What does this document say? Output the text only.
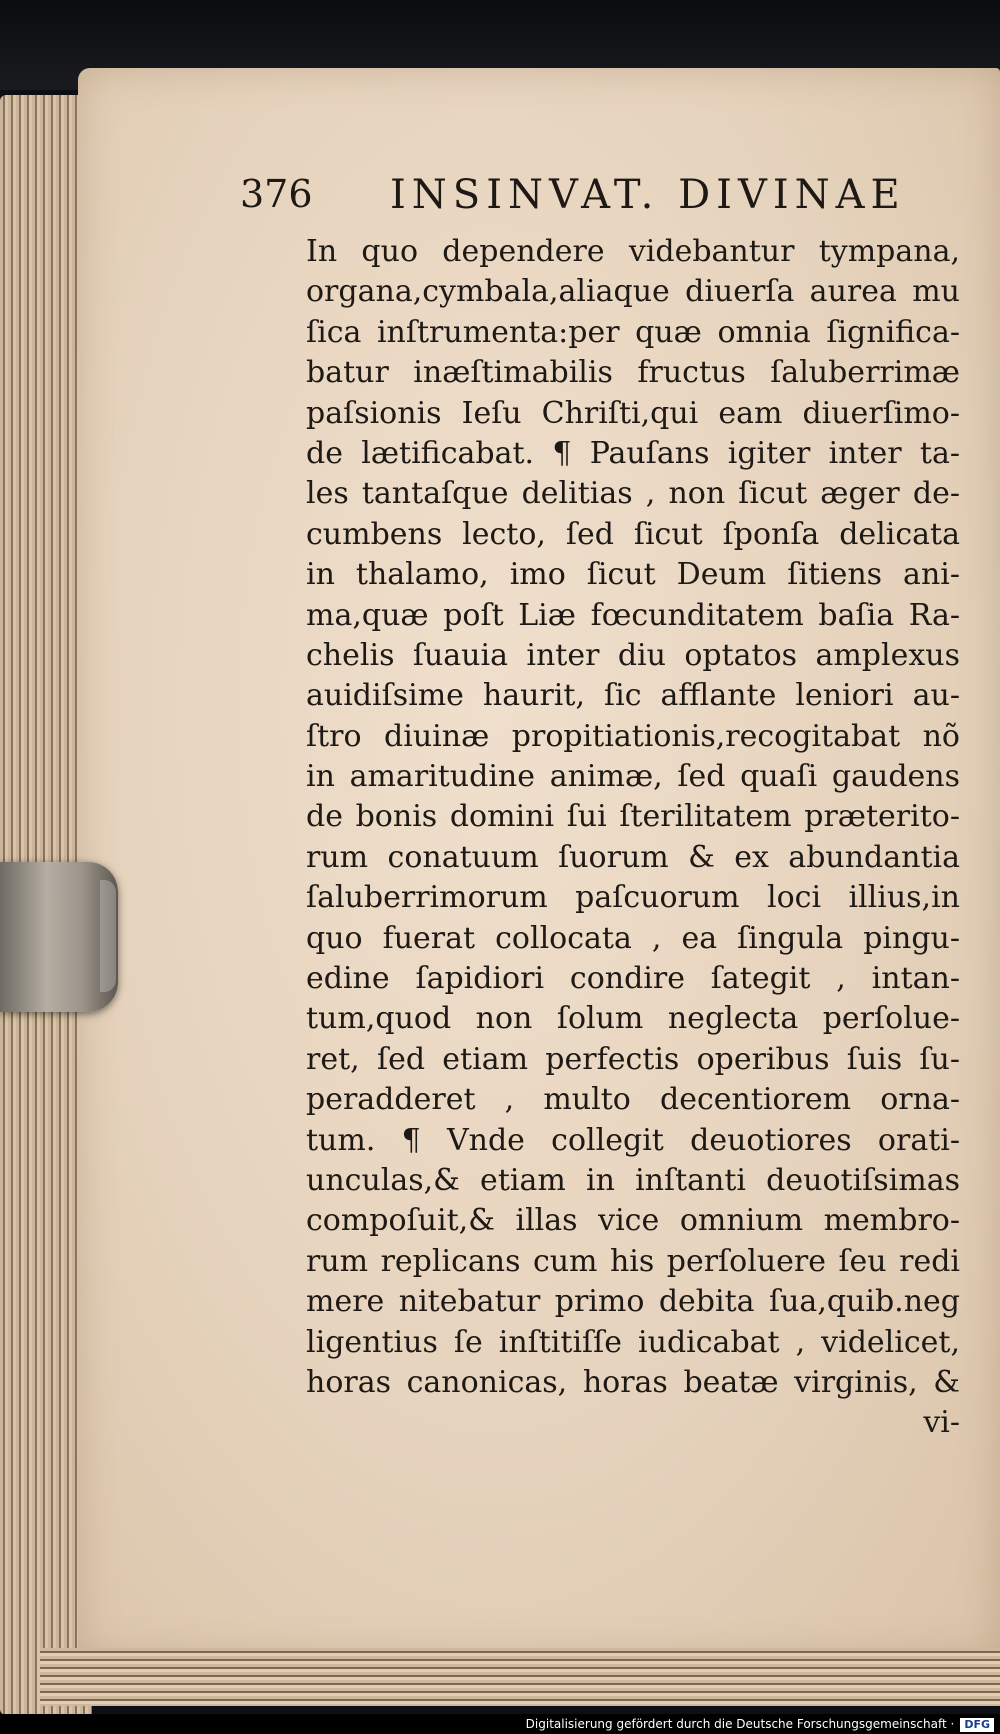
376 INSINVAT. DIVINAE
In quo dependere videbantur tympana,
organa,cymbala,aliaque diuerſa aurea mu
ſica inſtrumenta:per quæ omnia ſignifica-
batur inæſtimabilis fructus ſaluberrimæ
paſsionis Ieſu Chriſti,qui eam diuerſimo-
de lætificabat. ¶ Pauſans igiter inter ta-
les tantaſque delitias , non ſicut æger de-
cumbens lecto, ſed ſicut ſponſa delicata
in thalamo, imo ſicut Deum ſitiens ani-
ma,quæ poſt Liæ fœcunditatem baſia Ra-
chelis ſuauia inter diu optatos amplexus
auidiſsime haurit, ſic afflante leniori au-
ſtro diuinæ propitiationis,recogitabat nõ
in amaritudine animæ, ſed quaſi gaudens
de bonis domini ſui ſterilitatem præterito-
rum conatuum ſuorum & ex abundantia
ſaluberrimorum paſcuorum loci illius,in
quo fuerat collocata , ea ſingula pingu-
edine ſapidiori condire ſategit , intan-
tum,quod non ſolum neglecta perſolue-
ret, ſed etiam perfectis operibus ſuis ſu-
peradderet , multo decentiorem orna-
tum. ¶ Vnde collegit deuotiores orati-
unculas,& etiam in inſtanti deuotiſsimas
compoſuit,& illas vice omnium membro-
rum replicans cum his perſoluere ſeu redi
mere nitebatur primo debita ſua,quib.neg
ligentius ſe inſtitiſſe iudicabat , videlicet,
horas canonicas, horas beatæ virginis, &
vi-
Digitalisierung gefördert durch die Deutsche Forschungsgemeinschaft · DFG
